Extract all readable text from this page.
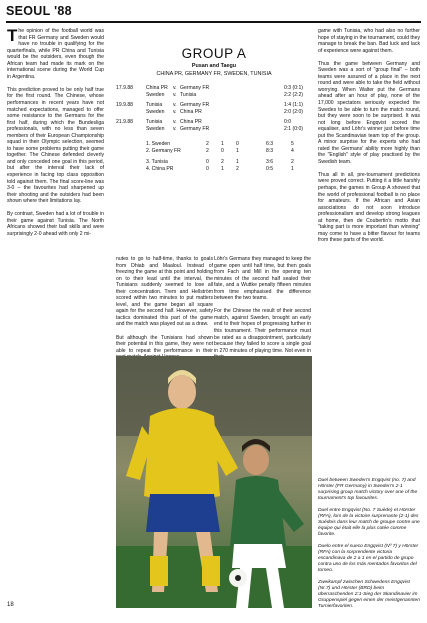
SEOUL '88

The opinion of the football world was that FR Germany and Sweden would have no trouble in qualifying for the quarterfinals, while PR China and Tunisia would be the outsiders, even though the African team had made its mark on the international scene during the World Cup in Argentina.

This prediction proved to be only half true for the first round. The Chinese, whose performances in recent years have not matched expectations, managed to offer some resistance to the Germans for the first half, during which the Bundesliga professionals, with no less than seven members of their European Championship squad in their Olympic selection, seemed to have some problems putting their game together. The Chinese defended cleverly and only conceded one goal in this period, but after the interval their lack of experience in facing top class opposition told against them. The final score-line was 3-0 – the favourites had sharpened up their shooting and the outsiders had been shown where their limitations lay.

By contrast, Sweden had a lot of trouble in their game against Tunisia. The North Africans showed their ball skills and were surprisingly 2-0 ahead with only 2 mi-

GROUP A
Pusan and Taegu
CHINA PR, GERMANY FR, SWEDEN, TUNISIA
17.9.88	China PR v. Germany FR	0:3 (0:1)
Sweden v. Tunisia	2:2 (2:2)
19.9.88	Tunisia v. Germany FR	1:4 (1:1)
Sweden v. China PR	2:0 (2:0)
21.9.88	Tunisia v. China PR	0:0
Sweden v. Germany FR	2:1 (0:0)
1. Sweden	2 1 0	6:3	5
2. Germany FR	2 0 1	8:3	4
3. Tunisia	0 2 1	3:6	2
4. China PR	0 1 2	0:5	1

nutes to go to half-time, thanks to goals from Dhiab and Maaloul. Instead of freezing the game at this point and holding on to their lead until the interval, the Tunisians suddenly seemed to lose all their concentration. Trem and Hellström scored within two minutes to put matters level, and the game began all square again for the second half. However, safety tactics dominated this part of the game and the match was played out as a draw.

But although the Tunisians had shown their potential in this game, they were not able to repeat the performance in their

Löhr's Germans they managed to keep the game open until half time, but then goals from Fach and Mill in the opening ten minutes of the second half sealed their fate, and a Wuttke penalty fifteen minutes from time emphasised the difference between the two teams.

For the Chinese the result of their second match, against Sweden, brought an early end to their hopes of progressing further in this tournament. Their performance must be rated as a disappointment, particularly because they failed to score a single goal in 270 minutes of playing time. Not even in

game with Tunisia, who had also no further hope of staying in the tournament, could they manage to break the ban. Bad luck and lack of experience were against them.

Thus the game between Germany and Sweden was a sort of "group final" – both teams were assured of a place in the next round and were able to take the field without worrying. When Walter put the Germans ahead after an hour of play, none of the 17,000 spectators seriously expected the Swedes to be able to turn the match round, but they were soon to be surprised. It was not long before Engqvist scored the equaliser, and Löhr's winner just before time put the Scandinavian team top of the group. A minor surprise for the experts who had rated the Germans' ability more highly than the "English" style of play practised by the Swedish team.

Thus all in all, pre-tournament predictions were proved correct. Putting it a little harshly perhaps, the games in Group A showed that the world of professional football is no place for amateurs. If the African and Asian associations do not soon introduce professionalism and develop strong leagues at home, then de Coubertin's motto that "taking part is more important than winning" may come to have a bitter flavour for teams from these parts of the world.

Duel between Sweden's Engqvist (no. 7) and Hörster (FR Germany) in Sweden's 2-1 surprising group match victory over one of the tournament's top favourites.

Duel entre Engqvist (No. 7 Suède) et Hörster (RFA), lors de la victoire surprenante (2-1) des Suédois dans leur match de groupe contre une équipe qui était elle la plus cotée comme favorite.

Duelo entre el sueco Engqvist (Nº 7) y Hörster (RFA) con la sorprendente victoria escandinava de 2 a 1 en el partido de grupo contra uno de los más mentados favoritos del torneo.

Zweikampf zwischen Schwedens Engqvist (Nr.7) und Hörster (BRD) beim überraschenden 2:1-Sieg der Skandinavier im Gruppenspiel gegen einen der meistgenannten Turnierfavoriten.

18
